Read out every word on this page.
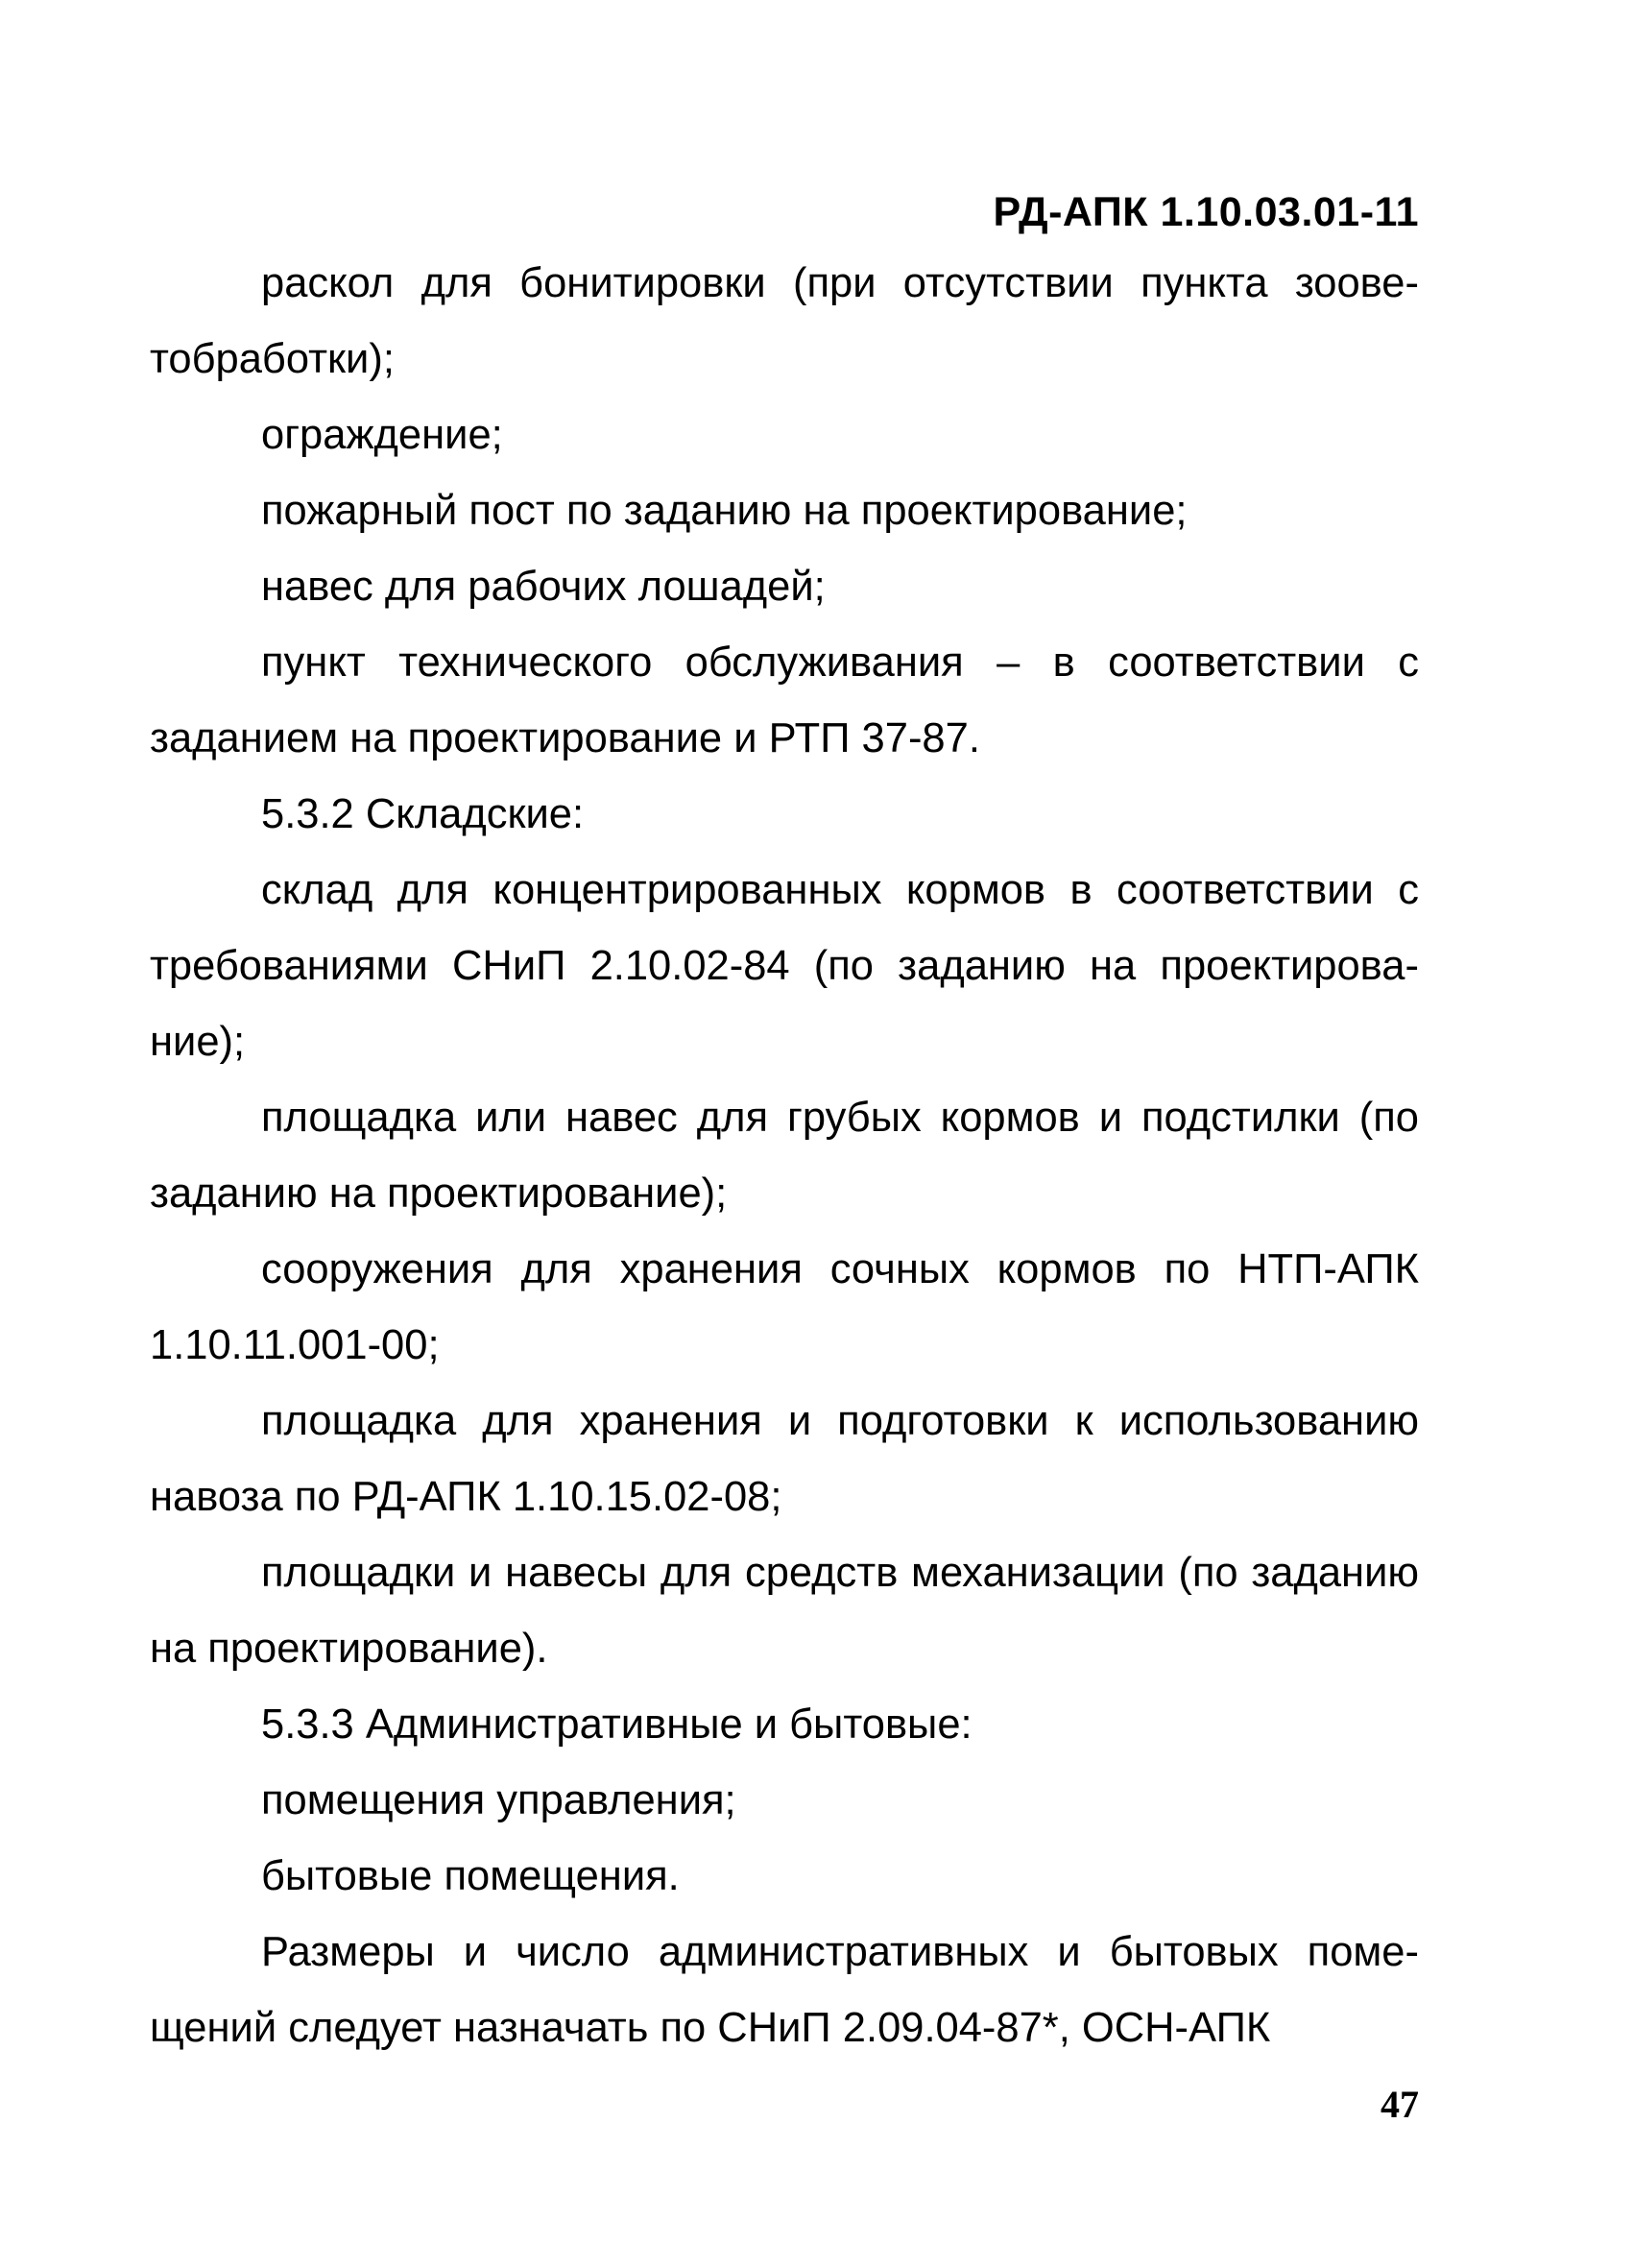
РД-АПК 1.10.03.01-11

раскол для бонитировки (при отсутствии пункта зооветобработки);

ограждение;

пожарный пост по заданию на проектирование;

навес для рабочих лошадей;

пункт технического обслуживания – в соответствии с заданием на проектирование и РТП 37-87.

5.3.2 Складские:

склад для концентрированных кормов в соответствии с требованиями СНиП 2.10.02-84 (по заданию на проектирование);

площадка или навес для грубых кормов и подстилки (по заданию на проектирование);

сооружения для хранения сочных кормов по НТП-АПК 1.10.11.001-00;

площадка для хранения и подготовки к использованию навоза по РД-АПК 1.10.15.02-08;

площадки и навесы для средств механизации (по заданию на проектирование).

5.3.3 Административные и бытовые:

помещения управления;

бытовые помещения.

Размеры и число административных и бытовых помещений следует назначать по СНиП 2.09.04-87*, ОСН-АПК

47
